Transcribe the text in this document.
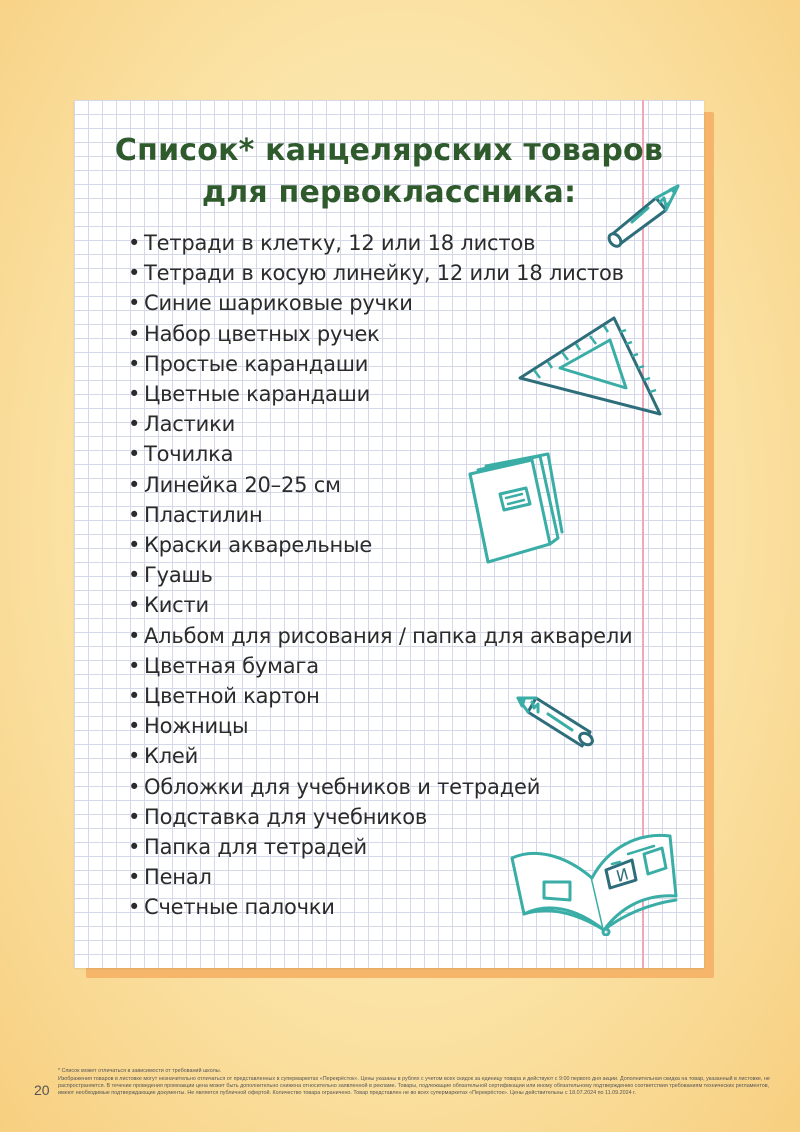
Список* канцелярских товаров
для первоклассника:
• Тетради в клетку, 12 или 18 листов
• Тетради в косую линейку, 12 или 18 листов
• Синие шариковые ручки
• Набор цветных ручек
• Простые карандаши
• Цветные карандаши
• Ластики
• Точилка
• Линейка 20–25 см
• Пластилин
• Краски акварельные
• Гуашь
• Кисти
• Альбом для рисования / папка для акварели
• Цветная бумага
• Цветной картон
• Ножницы
• Клей
• Обложки для учебников и тетрадей
• Подставка для учебников
• Папка для тетрадей
• Пенал
• Счетные палочки
И
20

* Список может отличаться в зависимости от требований школы.

Изображения товаров в листовке могут незначительно отличаться от представленных в супермаркетах «Перекрёсток». Цены указаны в рублях с учетом всех скидок за единицу товара и действуют с 9:00 первого дня акции. Дополнительная скидка на товар, указанный в листовке, не распространяется. В течение проведения промоакции цена может быть дополнительно снижена относительно заявленной в рекламе. Товары, подлежащие обязательной сертификации или иному обязательному подтверждению соответствия требованиям технических регламентов, имеют необходимые подтверждающие документы. Не является публичной офертой. Количество товара ограничено. Товар представлен не во всех супермаркетах «Перекрёсток». Цены действительны с 18.07.2024 по 11.09.2024 г.
